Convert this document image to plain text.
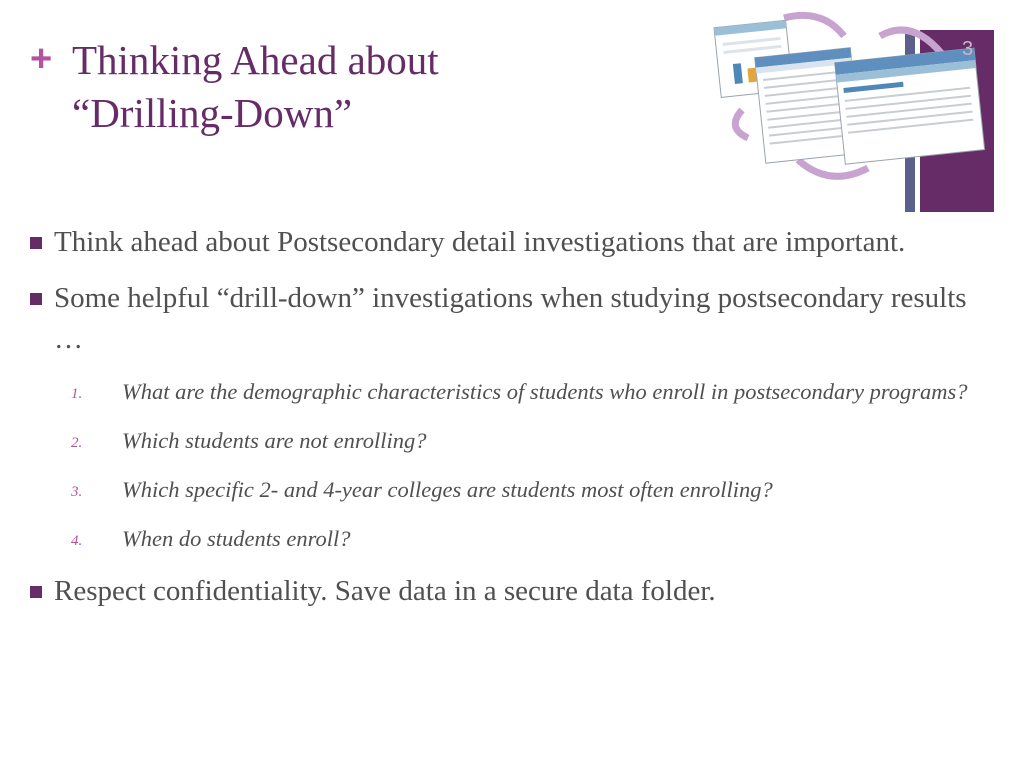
+ Thinking Ahead about
“Drilling-Down”
3
Think ahead about Postsecondary detail investigations that are important.
Some helpful “drill-down” investigations when studying postsecondary results …
1. What are the demographic characteristics of students who enroll in postsecondary programs?
2. Which students are not enrolling?
3. Which specific 2- and 4-year colleges are students most often enrolling?
4. When do students enroll?
Respect confidentiality. Save data in a secure data folder.
